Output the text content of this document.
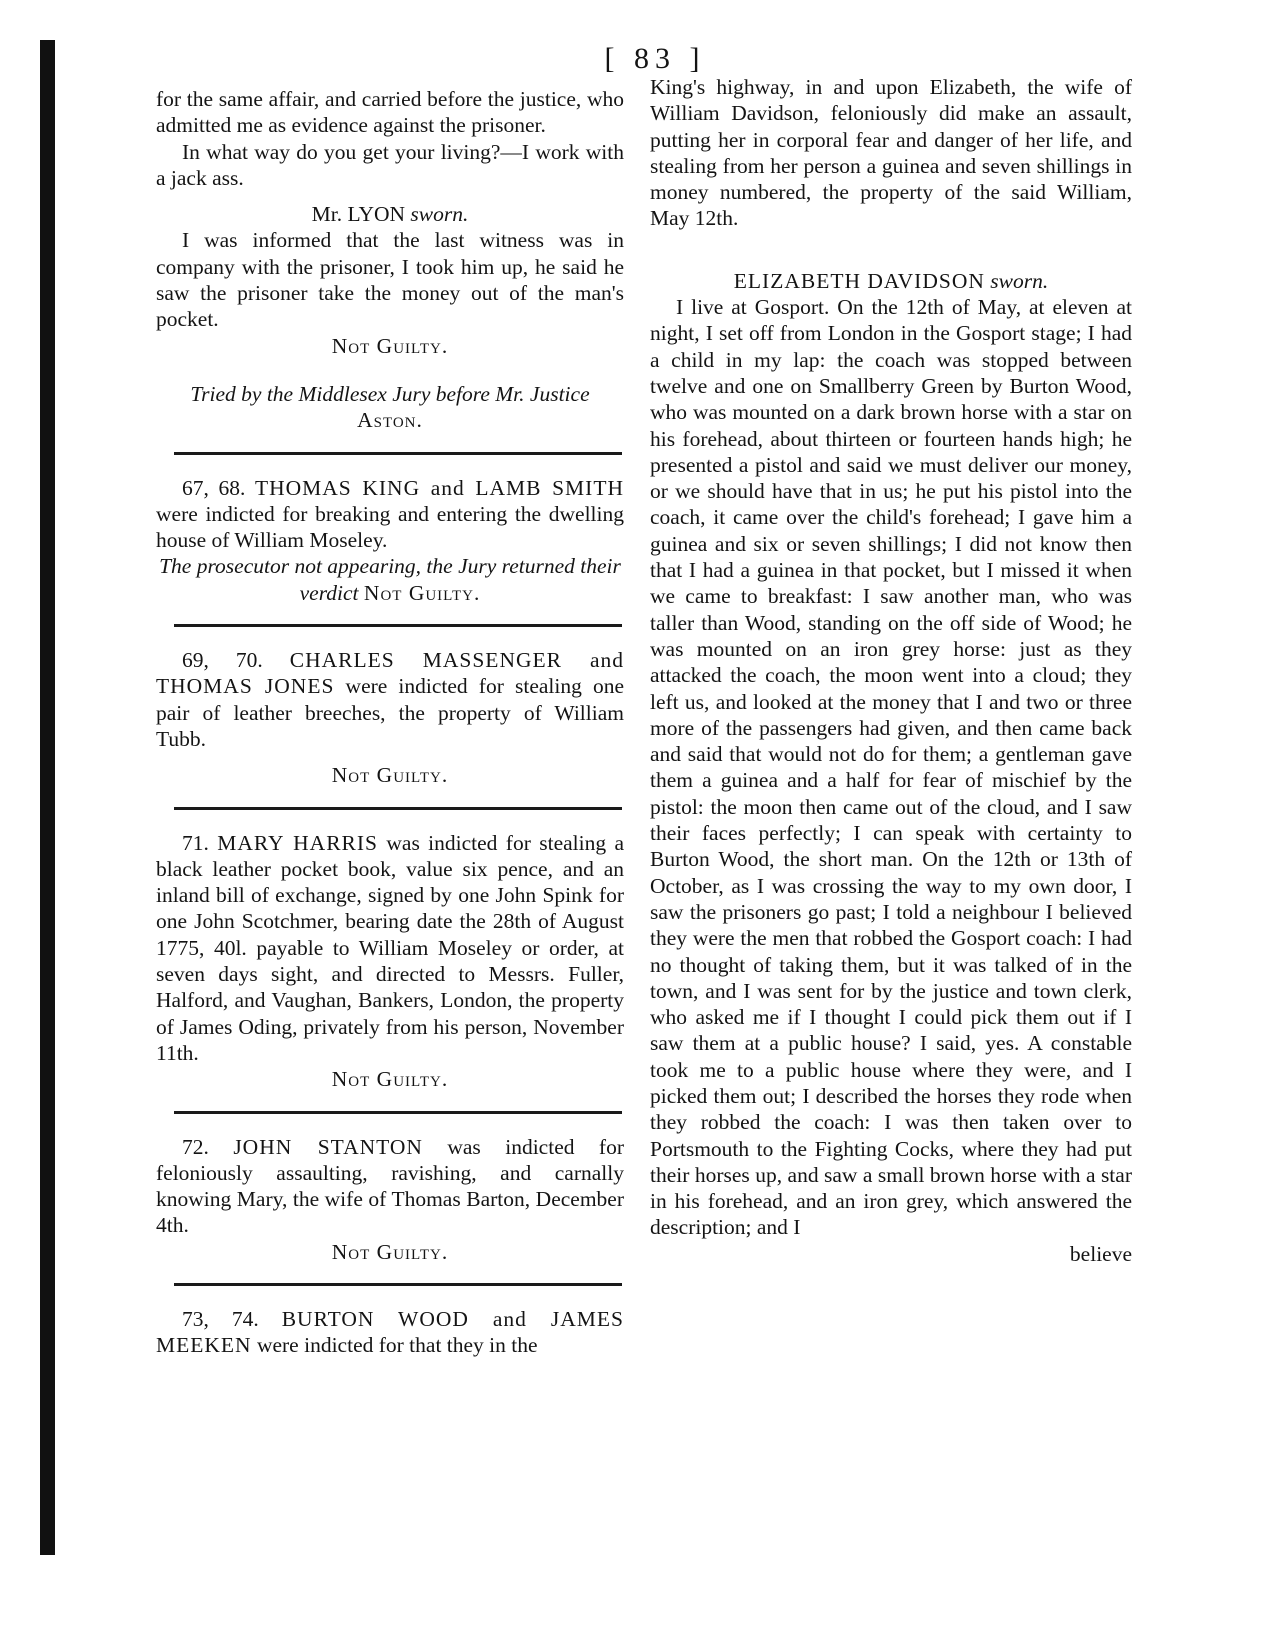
[ 83 ]

for the same affair, and carried before the justice, who admitted me as evidence against the prisoner.

In what way do you get your living?—I work with a jack ass.

Mr. LYON sworn.

I was informed that the last witness was in company with the prisoner, I took him up, he said he saw the prisoner take the money out of the man's pocket.

Not Guilty.

Tried by the Middlesex Jury before Mr. Justice

Aston.

67, 68. THOMAS KING and LAMB SMITH were indicted for breaking and entering the dwelling house of William Moseley.

The prosecutor not appearing, the Jury returned their verdict Not Guilty.

69, 70. CHARLES MASSENGER and THOMAS JONES were indicted for stealing one pair of leather breeches, the property of William Tubb.

Not Guilty.

71. MARY HARRIS was indicted for stealing a black leather pocket book, value six pence, and an inland bill of exchange, signed by one John Spink for one John Scotchmer, bearing date the 28th of August 1775, 40l. payable to William Moseley or order, at seven days sight, and directed to Messrs. Fuller, Halford, and Vaughan, Bankers, London, the property of James Oding, privately from his person, November 11th.

Not Guilty.

72. JOHN STANTON was indicted for feloniously assaulting, ravishing, and carnally knowing Mary, the wife of Thomas Barton, December 4th.

Not Guilty.

73, 74. BURTON WOOD and JAMES MEEKEN were indicted for that they in the

King's highway, in and upon Elizabeth, the wife of William Davidson, feloniously did make an assault, putting her in corporal fear and danger of her life, and stealing from her person a guinea and seven shillings in money numbered, the property of the said William, May 12th.

ELIZABETH DAVIDSON sworn.

I live at Gosport. On the 12th of May, at eleven at night, I set off from London in the Gosport stage; I had a child in my lap: the coach was stopped between twelve and one on Smallberry Green by Burton Wood, who was mounted on a dark brown horse with a star on his forehead, about thirteen or fourteen hands high; he presented a pistol and said we must deliver our money, or we should have that in us; he put his pistol into the coach, it came over the child's forehead; I gave him a guinea and six or seven shillings; I did not know then that I had a guinea in that pocket, but I missed it when we came to breakfast: I saw another man, who was taller than Wood, standing on the off side of Wood; he was mounted on an iron grey horse: just as they attacked the coach, the moon went into a cloud; they left us, and looked at the money that I and two or three more of the passengers had given, and then came back and said that would not do for them; a gentleman gave them a guinea and a half for fear of mischief by the pistol: the moon then came out of the cloud, and I saw their faces perfectly; I can speak with certainty to Burton Wood, the short man. On the 12th or 13th of October, as I was crossing the way to my own door, I saw the prisoners go past; I told a neighbour I believed they were the men that robbed the Gosport coach: I had no thought of taking them, but it was talked of in the town, and I was sent for by the justice and town clerk, who asked me if I thought I could pick them out if I saw them at a public house? I said, yes. A constable took me to a public house where they were, and I picked them out; I described the horses they rode when they robbed the coach: I was then taken over to Portsmouth to the Fighting Cocks, where they had put their horses up, and saw a small brown horse with a star in his forehead, and an iron grey, which answered the description; and I

believe
